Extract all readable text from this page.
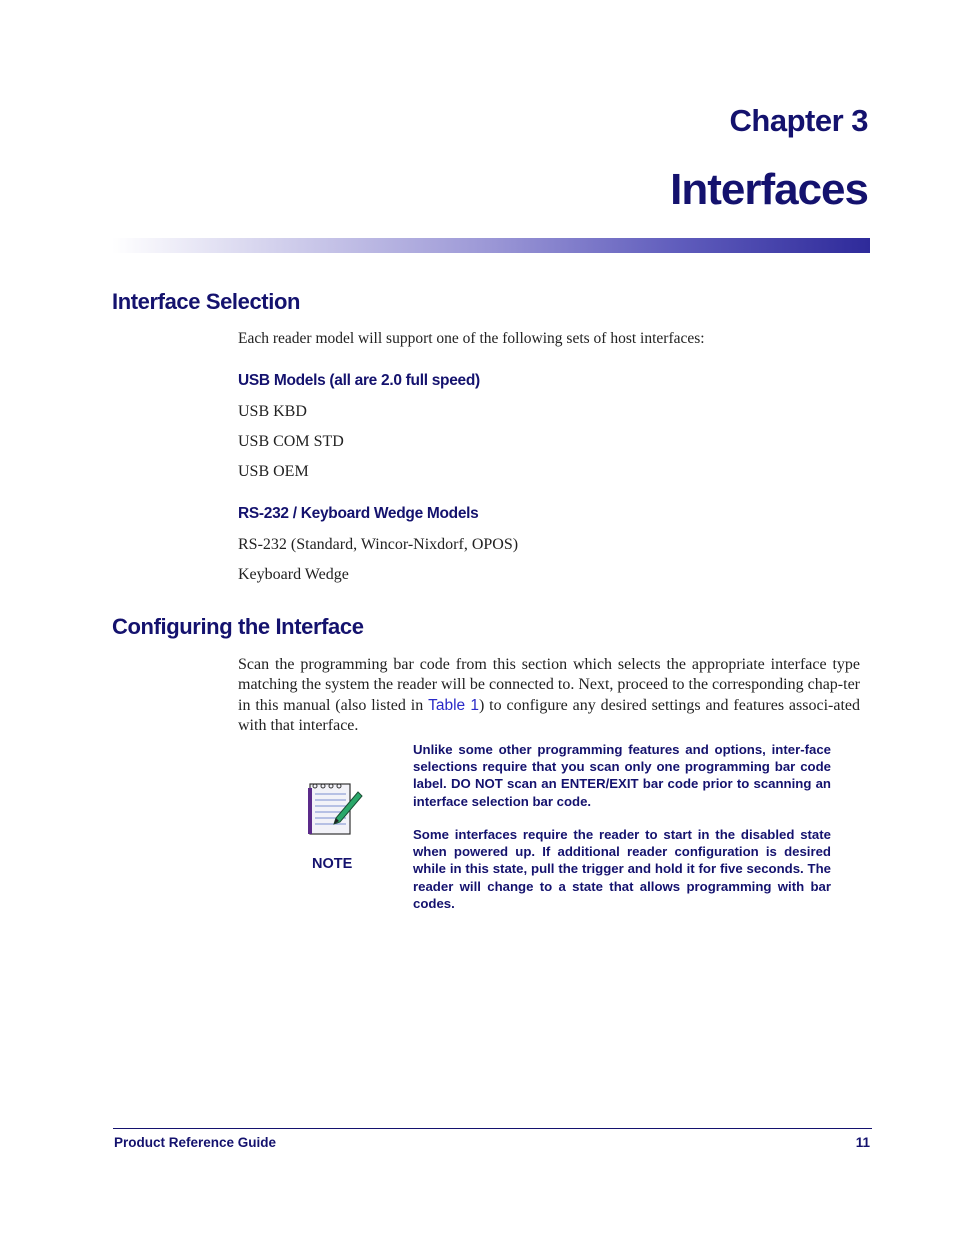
Chapter 3
Interfaces
Interface Selection
Each reader model will support one of the following sets of host interfaces:
USB Models (all are 2.0 full speed)
USB KBD
USB COM STD
USB OEM
RS-232 / Keyboard Wedge Models
RS-232 (Standard, Wincor-Nixdorf, OPOS)
Keyboard Wedge
Configuring the Interface
Scan the programming bar code from this section which selects the appropriate interface type matching the system the reader will be connected to. Next, proceed to the corresponding chap-ter in this manual (also listed in Table 1) to configure any desired settings and features associ-ated with that interface.
NOTE
Unlike some other programming features and options, inter-face selections require that you scan only one programming bar code label. DO NOT scan an ENTER/EXIT bar code prior to scanning an interface selection bar code.
Some interfaces require the reader to start in the disabled state when powered up. If additional reader configuration is desired while in this state, pull the trigger and hold it for five seconds. The reader will change to a state that allows programming with bar codes.
Product Reference Guide	11
